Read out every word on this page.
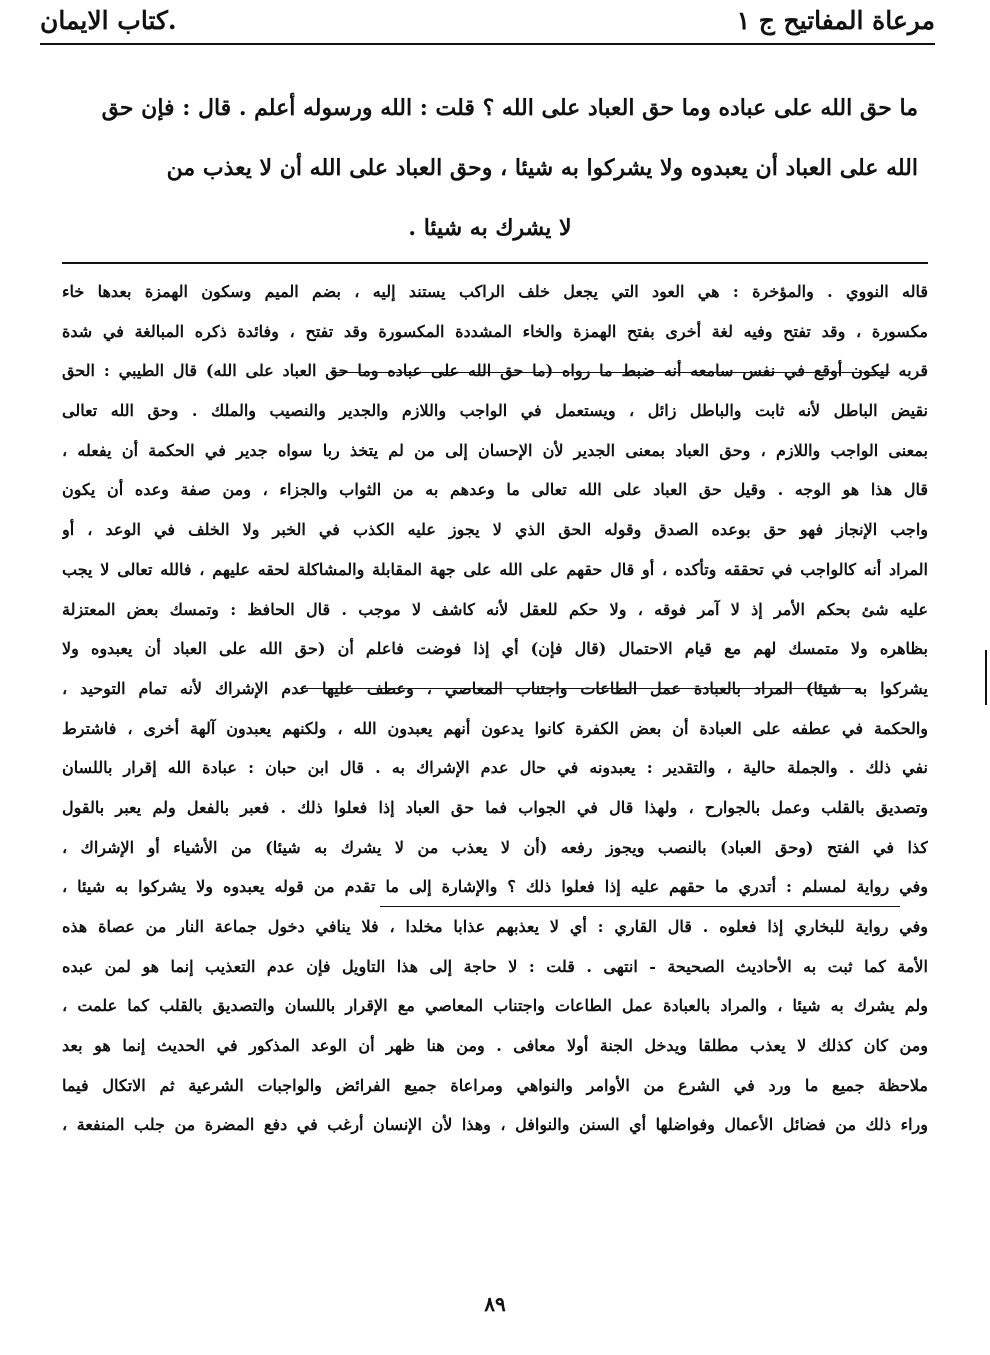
مرعاة المفاتيح ج ١
.كتاب الايمان

ما حق الله على عباده وما حق العباد على الله ؟ قلت : الله ورسوله أعلم . قال : فإن حق

الله على العباد أن يعبدوه ولا يشركوا به شيئا ، وحق العباد على الله أن لا يعذب من

لا يشرك به شيئا .

قاله النووي . والمؤخرة : هي العود التي يجعل خلف الراكب يستند إليه ، بضم الميم وسكون الهمزة بعدها خاء

مكسورة ، وقد تفتح وفيه لغة أخرى بفتح الهمزة والخاء المشددة المكسورة وقد تفتح ، وفائدة ذكره المبالغة في شدة

قربه ليكون أوقع في نفس سامعه أنه ضبط ما رواه (ما حق الله على عباده وما حق العباد على الله) قال الطيبي : الحق

نقيض الباطل لأنه ثابت والباطل زائل ، ويستعمل في الواجب واللازم والجدير والنصيب والملك . وحق الله تعالى

بمعنى الواجب واللازم ، وحق العباد بمعنى الجدير لأن الإحسان إلى من لم يتخذ ربا سواه جدير في الحكمة أن يفعله ،

قال هذا هو الوجه . وقيل حق العباد على الله تعالى ما وعدهم به من الثواب والجزاء ، ومن صفة وعده أن يكون

واجب الإنجاز فهو حق بوعده الصدق وقوله الحق الذي لا يجوز عليه الكذب في الخبر ولا الخلف في الوعد ، أو

المراد أنه كالواجب في تحققه وتأكده ، أو قال حقهم على الله على جهة المقابلة والمشاكلة لحقه عليهم ، فالله تعالى لا يجب

عليه شئ بحكم الأمر إذ لا آمر فوقه ، ولا حكم للعقل لأنه كاشف لا موجب . قال الحافظ : وتمسك بعض المعتزلة

بظاهره ولا متمسك لهم مع قيام الاحتمال (قال فإن) أي إذا فوضت فاعلم أن (حق الله على العباد أن يعبدوه ولا

يشركوا به شيئا) المراد بالعبادة عمل الطاعات واجتناب المعاصي ، وعطف عليها عدم الإشراك لأنه تمام التوحيد ،

والحكمة في عطفه على العبادة أن بعض الكفرة كانوا يدعون أنهم يعبدون الله ، ولكنهم يعبدون آلهة أخرى ، فاشترط

نفي ذلك . والجملة حالية ، والتقدير : يعبدونه في حال عدم الإشراك به . قال ابن حبان : عبادة الله إقرار باللسان

وتصديق بالقلب وعمل بالجوارح ، ولهذا قال في الجواب فما حق العباد إذا فعلوا ذلك . فعبر بالفعل ولم يعبر بالقول

كذا في الفتح (وحق العباد) بالنصب ويجوز رفعه (أن لا يعذب من لا يشرك به شيئا) من الأشياء أو الإشراك ،

وفي رواية لمسلم : أتدري ما حقهم عليه إذا فعلوا ذلك ؟ والإشارة إلى ما تقدم من قوله يعبدوه ولا يشركوا به شيئا ،

وفي رواية للبخاري إذا فعلوه . قال القاري : أي لا يعذبهم عذابا مخلدا ، فلا ينافي دخول جماعة النار من عصاة هذه

الأمة كما ثبت به الأحاديث الصحيحة - انتهى . قلت : لا حاجة إلى هذا التاويل فإن عدم التعذيب إنما هو لمن عبده

ولم يشرك به شيئا ، والمراد بالعبادة عمل الطاعات واجتناب المعاصي مع الإقرار باللسان والتصديق بالقلب كما علمت ،

ومن كان كذلك لا يعذب مطلقا ويدخل الجنة أولا معافى . ومن هنا ظهر أن الوعد المذكور في الحديث إنما هو بعد

ملاحظة جميع ما ورد في الشرع من الأوامر والنواهي ومراعاة جميع الفرائض والواجبات الشرعية ثم الاتكال فيما

وراء ذلك من فضائل الأعمال وفواضلها أي السنن والنوافل ، وهذا لأن الإنسان أرغب في دفع المضرة من جلب المنفعة ،

٨٩
